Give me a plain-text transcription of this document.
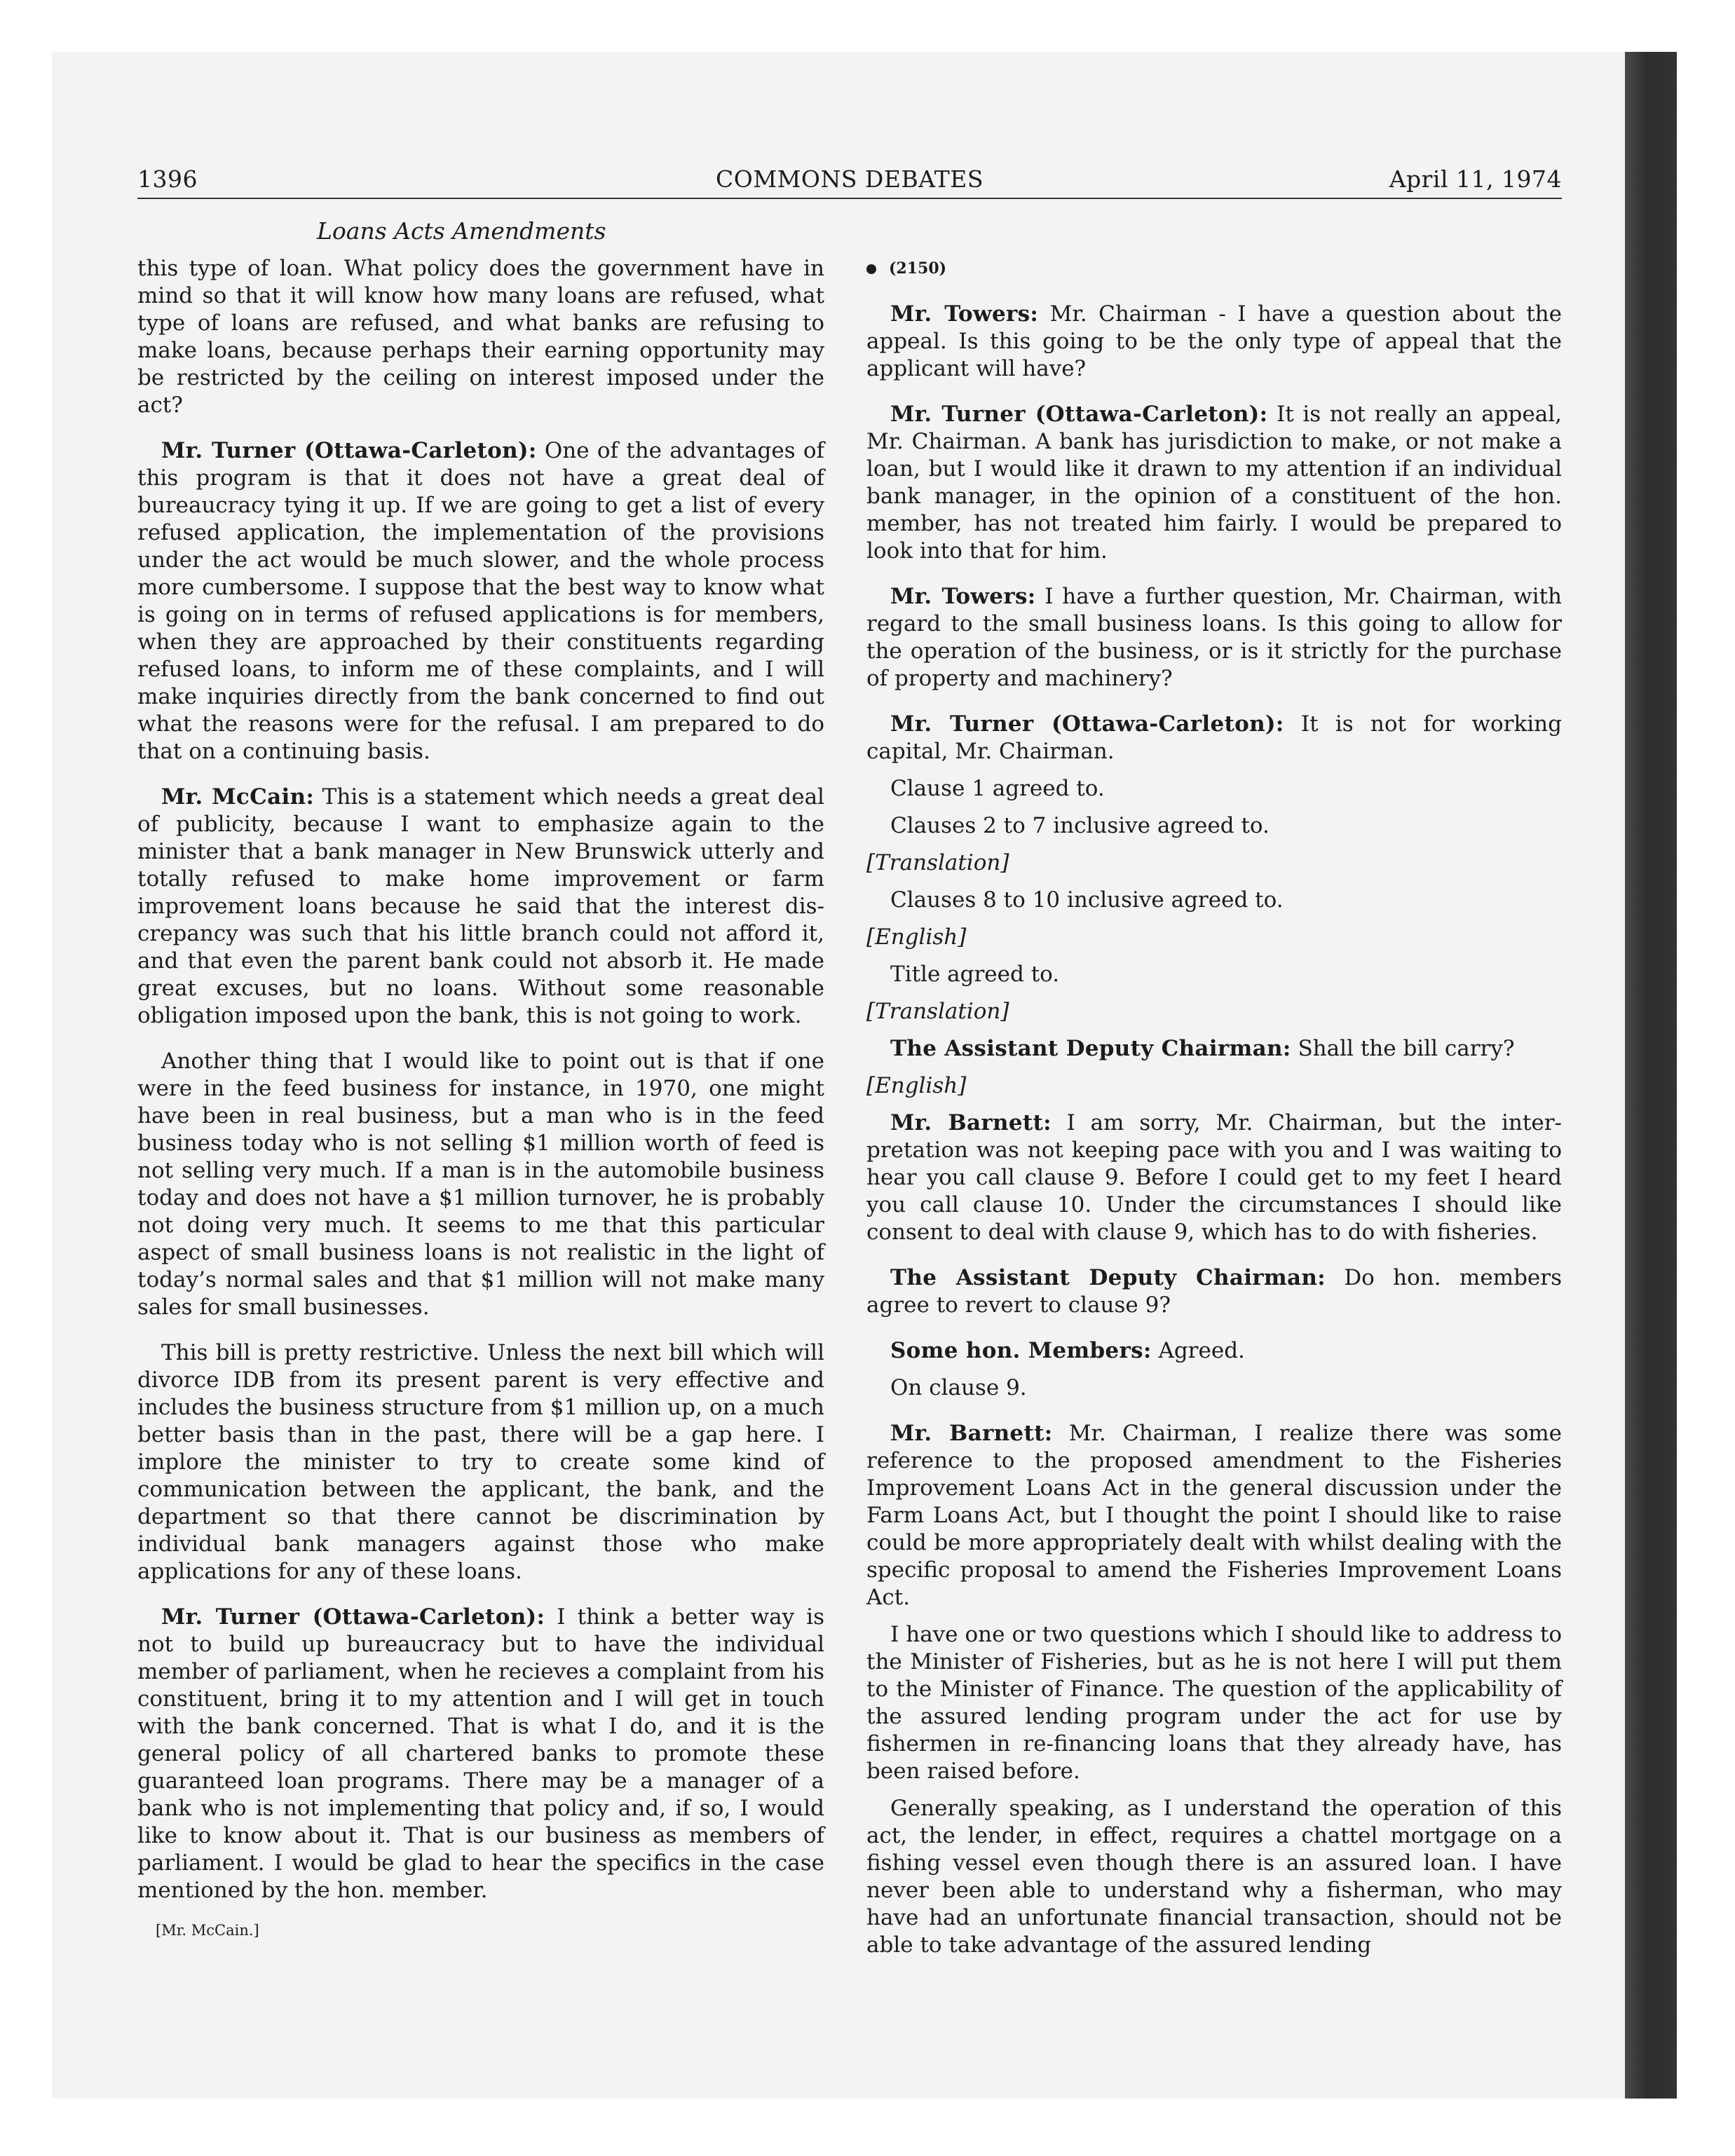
1396	COMMONS DEBATES	April 11, 1974
Loans Acts Amendments

this type of loan. What policy does the government have in mind so that it will know how many loans are refused, what type of loans are refused, and what banks are refusing to make loans, because perhaps their earning opportunity may be restricted by the ceiling on interest imposed under the act?

Mr. Turner (Ottawa-Carleton): One of the advantages of this program is that it does not have a great deal of bureaucracy tying it up. If we are going to get a list of every refused application, the implementation of the provisions under the act would be much slower, and the whole process more cumbersome. I suppose that the best way to know what is going on in terms of refused applications is for members, when they are approached by their constituents regarding refused loans, to inform me of these complaints, and I will make inquiries directly from the bank concerned to find out what the reasons were for the refusal. I am prepared to do that on a continuing basis.

Mr. McCain: This is a statement which needs a great deal of publicity, because I want to emphasize again to the minister that a bank manager in New Brunswick utterly and totally refused to make home improvement or farm improvement loans because he said that the interest discrepancy was such that his little branch could not afford it, and that even the parent bank could not absorb it. He made great excuses, but no loans. Without some reasonable obligation imposed upon the bank, this is not going to work.

Another thing that I would like to point out is that if one were in the feed business for instance, in 1970, one might have been in real business, but a man who is in the feed business today who is not selling $1 million worth of feed is not selling very much. If a man is in the automobile business today and does not have a $1 million turnover, he is probably not doing very much. It seems to me that this particular aspect of small business loans is not realistic in the light of today’s normal sales and that $1 million will not make many sales for small businesses.

This bill is pretty restrictive. Unless the next bill which will divorce IDB from its present parent is very effective and includes the business structure from $1 million up, on a much better basis than in the past, there will be a gap here. I implore the minister to try to create some kind of communication between the applicant, the bank, and the department so that there cannot be discrimination by individual bank managers against those who make applications for any of these loans.

Mr. Turner (Ottawa-Carleton): I think a better way is not to build up bureaucracy but to have the individual member of parliament, when he recieves a complaint from his constituent, bring it to my attention and I will get in touch with the bank concerned. That is what I do, and it is the general policy of all chartered banks to promote these guaranteed loan programs. There may be a manager of a bank who is not implementing that policy and, if so, I would like to know about it. That is our business as members of parliament. I would be glad to hear the specifics in the case mentioned by the hon. member.

[Mr. McCain.]
(2150)

Mr. Towers: Mr. Chairman - I have a question about the appeal. Is this going to be the only type of appeal that the applicant will have?

Mr. Turner (Ottawa-Carleton): It is not really an appeal, Mr. Chairman. A bank has jurisdiction to make, or not make a loan, but I would like it drawn to my attention if an individual bank manager, in the opinion of a constituent of the hon. member, has not treated him fairly. I would be prepared to look into that for him.

Mr. Towers: I have a further question, Mr. Chairman, with regard to the small business loans. Is this going to allow for the operation of the business, or is it strictly for the purchase of property and machinery?

Mr. Turner (Ottawa-Carleton): It is not for working capital, Mr. Chairman.

Clause 1 agreed to.

Clauses 2 to 7 inclusive agreed to.

[Translation]

Clauses 8 to 10 inclusive agreed to.

[English]

Title agreed to.

[Translation]

The Assistant Deputy Chairman: Shall the bill carry?

[English]

Mr. Barnett: I am sorry, Mr. Chairman, but the interpretation was not keeping pace with you and I was waiting to hear you call clause 9. Before I could get to my feet I heard you call clause 10. Under the circumstances I should like consent to deal with clause 9, which has to do with fisheries.

The Assistant Deputy Chairman: Do hon. members agree to revert to clause 9?

Some hon. Members: Agreed.

On clause 9.

Mr. Barnett: Mr. Chairman, I realize there was some reference to the proposed amendment to the Fisheries Improvement Loans Act in the general discussion under the Farm Loans Act, but I thought the point I should like to raise could be more appropriately dealt with whilst dealing with the specific proposal to amend the Fisheries Improvement Loans Act.

I have one or two questions which I should like to address to the Minister of Fisheries, but as he is not here I will put them to the Minister of Finance. The question of the applicability of the assured lending program under the act for use by fishermen in re-financing loans that they already have, has been raised before.

Generally speaking, as I understand the operation of this act, the lender, in effect, requires a chattel mortgage on a fishing vessel even though there is an assured loan. I have never been able to understand why a fisherman, who may have had an unfortunate financial transaction, should not be able to take advantage of the assured lending
